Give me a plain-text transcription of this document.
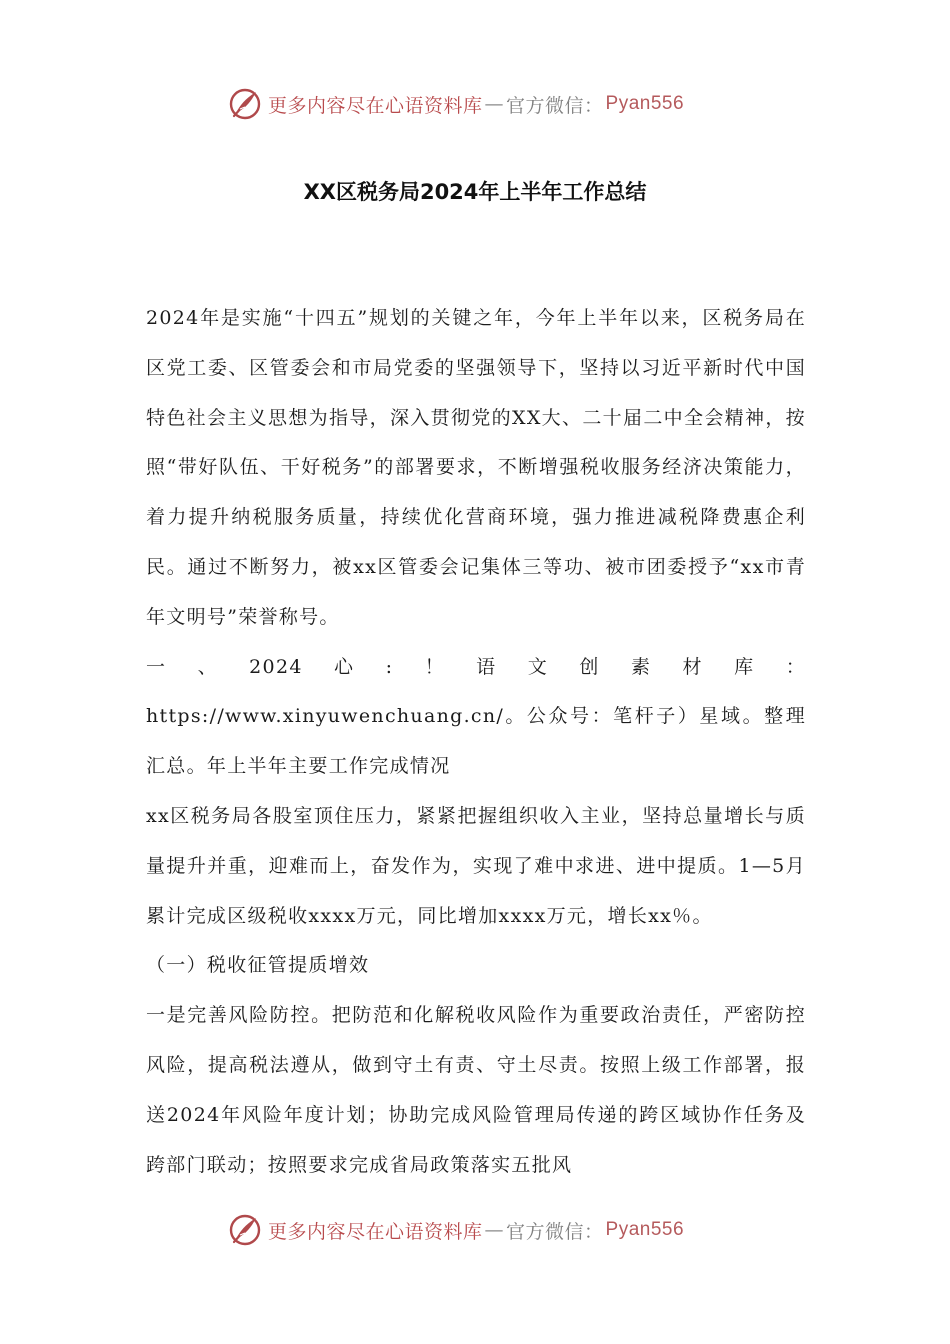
更多内容尽在心语资料库 — 官方微信： Pyan556
XX区税务局2024年上半年工作总结

2024年是实施“十四五”规划的关键之年，今年上半年以来，区税务局在区党工委、区管委会和市局党委的坚强领导下，坚持以习近平新时代中国特色社会主义思想为指导，深入贯彻党的XX大、二十届二中全会精神，按照“带好队伍、干好税务”的部署要求，不断增强税收服务经济决策能力，着力提升纳税服务质量，持续优化营商环境，强力推进减税降费惠企利民。通过不断努力，被xx区管委会记集体三等功、被市团委授予“xx市青年文明号”荣誉称号。

一、2024心:！语文创素材库：https://www.xinyuwenchuang.cn/。公众号：笔杆子）星域。整理汇总。年上半年主要工作完成情况

xx区税务局各股室顶住压力，紧紧把握组织收入主业，坚持总量增长与质量提升并重，迎难而上，奋发作为，实现了难中求进、进中提质。1—5月累计完成区级税收xxxx万元，同比增加xxxx万元，增长xx％。

（一）税收征管提质增效

一是完善风险防控。把防范和化解税收风险作为重要政治责任，严密防控风险，提高税法遵从，做到守土有责、守土尽责。按照上级工作部署，报送2024年风险年度计划；协助完成风险管理局传递的跨区域协作任务及跨部门联动；按照要求完成省局政策落实五批风

更多内容尽在心语资料库 — 官方微信： Pyan556
